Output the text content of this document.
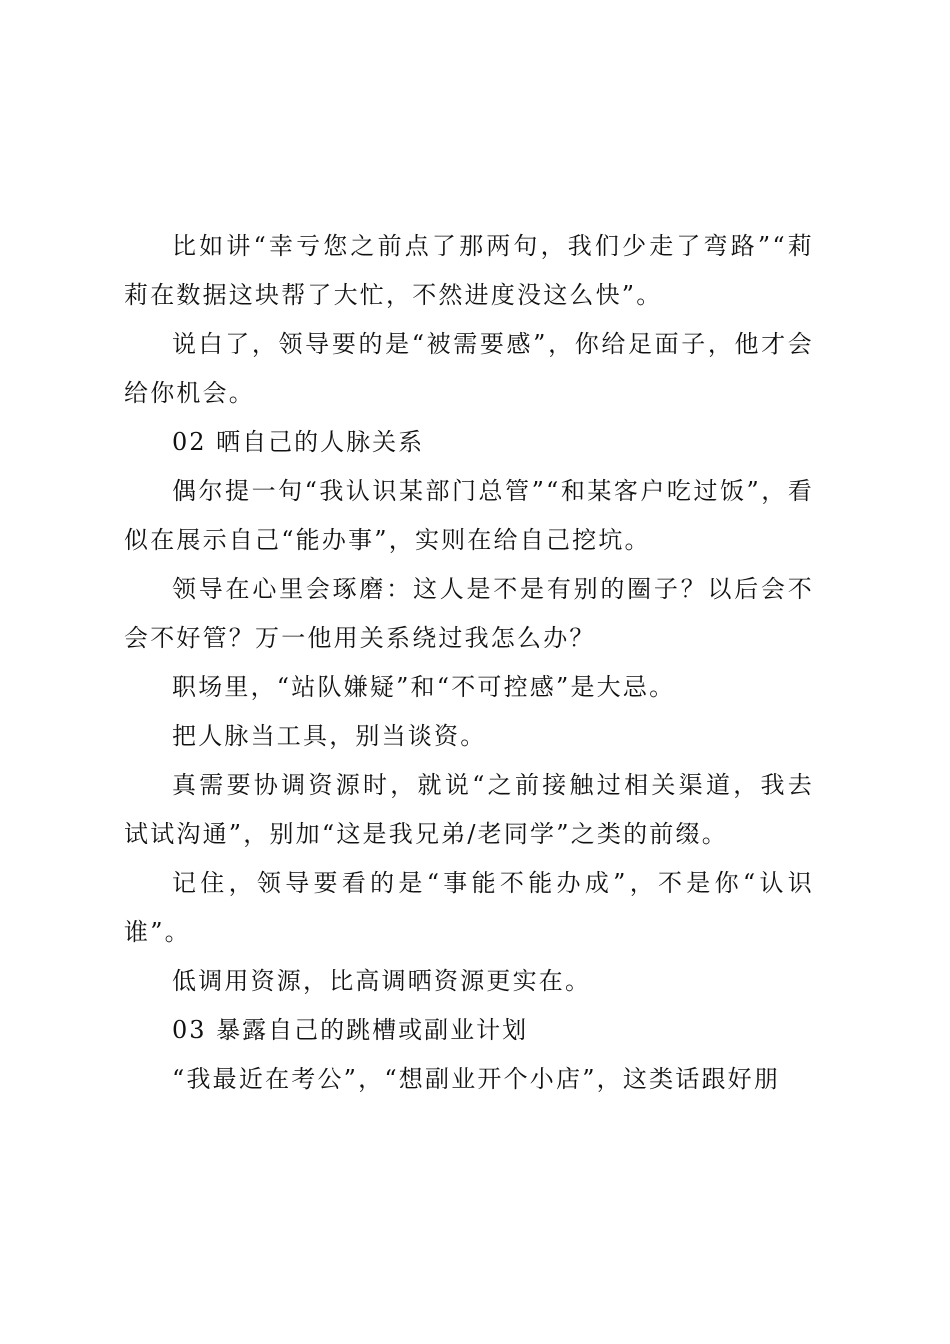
比如讲“幸亏您之前点了那两句，我们少走了弯路”“莉莉在数据这块帮了大忙，不然进度没这么快”。

说白了，领导要的是“被需要感”，你给足面子，他才会给你机会。

02 晒自己的人脉关系

偶尔提一句“我认识某部门总管”“和某客户吃过饭”，看似在展示自己“能办事”，实则在给自己挖坑。

领导在心里会琢磨：这人是不是有别的圈子？以后会不会不好管？万一他用关系绕过我怎么办？

职场里，“站队嫌疑”和“不可控感”是大忌。

把人脉当工具，别当谈资。

真需要协调资源时，就说“之前接触过相关渠道，我去试试沟通”，别加“这是我兄弟/老同学”之类的前缀。

记住，领导要看的是“事能不能办成”，不是你“认识谁”。

低调用资源，比高调晒资源更实在。

03 暴露自己的跳槽或副业计划

“我最近在考公”，“想副业开个小店”，这类话跟好朋
